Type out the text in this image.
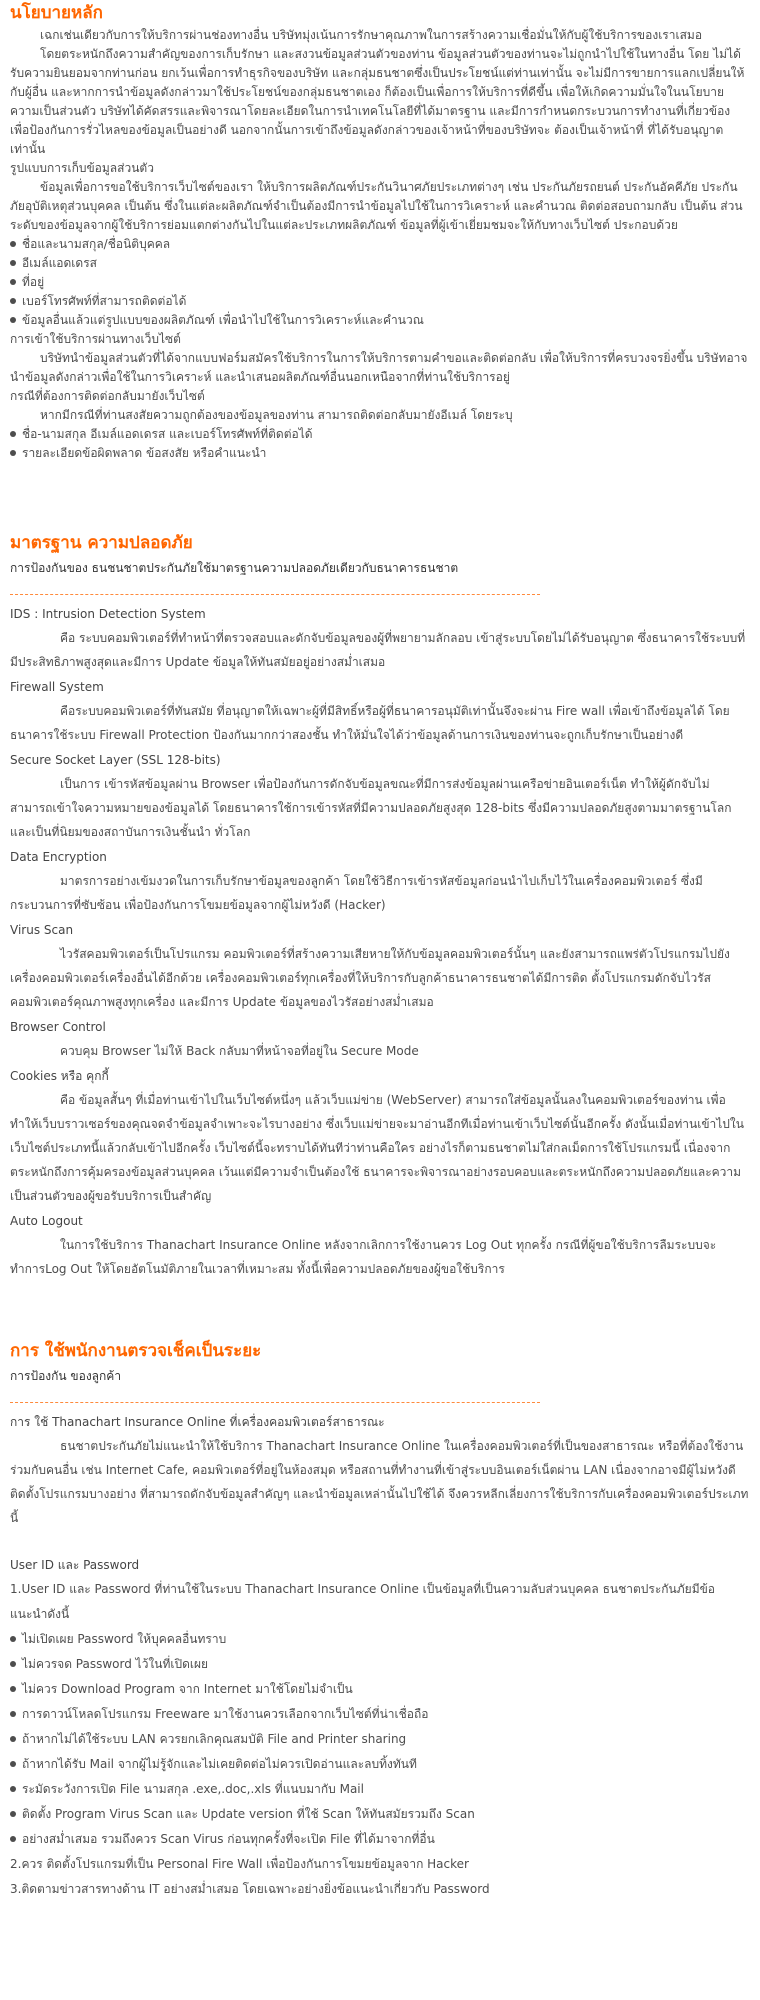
นโยบายหลัก

เฉกเช่นเดียวกับการให้บริการผ่านช่องทางอื่น บริษัทมุ่งเน้นการรักษาคุณภาพในการสร้างความเชื่อมั่นให้กับผู้ใช้บริการของเราเสมอ

โดยตระหนักถึงความสำคัญของการเก็บรักษา และสงวนข้อมูลส่วนตัวของท่าน ข้อมูลส่วนตัวของท่านจะไม่ถูกนำไปใช้ในทางอื่น โดย ไม่ได้รับความยินยอมจากท่านก่อน ยกเว้นเพื่อการทำธุรกิจของบริษัท และกลุ่มธนชาตซึ่งเป็นประโยชน์แต่ท่านเท่านั้น จะไม่มีการขายการแลกเปลี่ยนให้กับผู้อื่น และหากการนำข้อมูลดังกล่าวมาใช้ประโยชน์ของกลุ่มธนชาตเอง ก็ต้องเป็นเพื่อการให้บริการที่ดีขึ้น เพื่อให้เกิดความมั่นใจในนโยบายความเป็นส่วนตัว บริษัทได้คัดสรรและพิจารณาโดยละเอียดในการนำเทคโนโลยีที่ได้มาตรฐาน และมีการกำหนดกระบวนการทำงานที่เกี่ยวข้อง เพื่อป้องกันการรั่วไหลของข้อมูลเป็นอย่างดี นอกจากนั้นการเข้าถึงข้อมูลดังกล่าวของเจ้าหน้าที่ของบริษัทจะ ต้องเป็นเจ้าหน้าที่ ที่ได้รับอนุญาตเท่านั้น

รูปแบบการเก็บข้อมูลส่วนตัว

ข้อมูลเพื่อการขอใช้บริการเว็บไซต์ของเรา ให้บริการผลิตภัณฑ์ประกันวินาศภัยประเภทต่างๆ เช่น ประกันภัยรถยนต์ ประกันอัคคีภัย ประกันภัยอุบัติเหตุส่วนบุคคล เป็นต้น ซึ่งในแต่ละผลิตภัณฑ์จำเป็นต้องมีการนำข้อมูลไปใช้ในการวิเคราะห์ และคำนวณ ติดต่อสอบถามกลับ เป็นต้น ส่วนระดับของข้อมูลจากผู้ใช้บริการย่อมแตกต่างกันไปในแต่ละประเภทผลิตภัณฑ์ ข้อมูลที่ผู้เข้าเยี่ยมชมจะให้กับทางเว็บไซต์ ประกอบด้วย

ชื่อและนามสกุล/ชื่อนิติบุคคล
อีเมล์แอดเดรส
ที่อยู่
เบอร์โทรศัพท์ที่สามารถติดต่อได้
ข้อมูลอื่นแล้วแต่รูปแบบของผลิตภัณฑ์ เพื่อนำไปใช้ในการวิเคราะห์และคำนวณ

การเข้าใช้บริการผ่านทางเว็บไซต์

บริษัทนำข้อมูลส่วนตัวที่ได้จากแบบฟอร์มสมัครใช้บริการในการให้บริการตามคำขอและติดต่อกลับ เพื่อให้บริการที่ครบวงจรยิ่งขึ้น บริษัทอาจนำข้อมูลดังกล่าวเพื่อใช้ในการวิเคราะห์ และนำเสนอผลิตภัณฑ์อื่นนอกเหนือจากที่ท่านใช้บริการอยู่

กรณีที่ต้องการติดต่อกลับมายังเว็บไซต์

หากมีกรณีที่ท่านสงสัยความถูกต้องของข้อมูลของท่าน สามารถติดต่อกลับมายังอีเมล์ โดยระบุ

ชื่อ-นามสกุล อีเมล์แอดเดรส และเบอร์โทรศัพท์ที่ติดต่อได้
รายละเอียดข้อผิดพลาด ข้อสงสัย หรือคำแนะนำ
มาตรฐาน ความปลอดภัย

การป้องกันของ ธนชนชาตประกันภัยใช้มาตรฐานความปลอดภัยเดียวกับธนาคารธนชาต

IDS : Intrusion Detection System

คือ ระบบคอมพิวเตอร์ที่ทำหน้าที่ตรวจสอบและดักจับข้อมูลของผู้ที่พยายามลักลอบ เข้าสู่ระบบโดยไม่ได้รับอนุญาต ซึ่งธนาคารใช้ระบบที่มีประสิทธิภาพสูงสุดและมีการ Update ข้อมูลให้ทันสมัยอยู่อย่างสม่ำเสมอ

Firewall System

คือระบบคอมพิวเตอร์ที่ทันสมัย ที่อนุญาตให้เฉพาะผู้ที่มีสิทธิ์หรือผู้ที่ธนาคารอนุมัติเท่านั้นจึงจะผ่าน Fire wall เพื่อเข้าถึงข้อมูลได้ โดยธนาคารใช้ระบบ Firewall Protection ป้องกันมากกว่าสองชั้น ทำให้มั่นใจได้ว่าข้อมูลด้านการเงินของท่านจะถูกเก็บรักษาเป็นอย่างดี

Secure Socket Layer (SSL 128-bits)

เป็นการ เข้ารหัสข้อมูลผ่าน Browser เพื่อป้องกันการดักจับข้อมูลขณะที่มีการส่งข้อมูลผ่านเครือข่ายอินเตอร์เน็ต ทำให้ผู้ดักจับไม่สามารถเข้าใจความหมายของข้อมูลได้ โดยธนาคารใช้การเข้ารหัสที่มีความปลอดภัยสูงสุด 128-bits ซึ่งมีความปลอดภัยสูงตามมาตรฐานโลกและเป็นที่นิยมของสถาบันการเงินชั้นนำ ทั่วโลก

Data Encryption

มาตรการอย่างเข้มงวดในการเก็บรักษาข้อมูลของลูกค้า โดยใช้วิธีการเข้ารหัสข้อมูลก่อนนำไปเก็บไว้ในเครื่องคอมพิวเตอร์ ซึ่งมี กระบวนการที่ซับซ้อน เพื่อป้องกันการโขมยข้อมูลจากผู้ไม่หวังดี (Hacker)

Virus Scan

ไวรัสคอมพิวเตอร์เป็นโปรแกรม คอมพิวเตอร์ที่สร้างความเสียหายให้กับข้อมูลคอมพิวเตอร์นั้นๆ และยังสามารถแพร่ตัวโปรแกรมไปยังเครื่องคอมพิวเตอร์เครื่องอื่นได้อีกด้วย เครื่องคอมพิวเตอร์ทุกเครื่องที่ให้บริการกับลูกค้าธนาคารธนชาตได้มีการติด ตั้งโปรแกรมดักจับไวรัสคอมพิวเตอร์คุณภาพสูงทุกเครื่อง และมีการ Update ข้อมูลของไวรัสอย่างสม่ำเสมอ

Browser Control

ควบคุม Browser ไม่ให้ Back กลับมาที่หน้าจอที่อยู่ใน Secure Mode

Cookies หรือ คุกกี้

คือ ข้อมูลสั้นๆ ที่เมื่อท่านเข้าไปในเว็บไซต์หนึ่งๆ แล้วเว็บแม่ข่าย (WebServer) สามารถใส่ข้อมูลนั้นลงในคอมพิวเตอร์ของท่าน เพื่อทำให้เว็บบราวเซอร์ของคุณจดจำข้อมูลจำเพาะจะไรบางอย่าง ซึ่งเว็บแม่ข่ายจะมาอ่านอีกทีเมื่อท่านเข้าเว็บไซต์นั้นอีกครั้ง ดังนั้นเมื่อท่านเข้าไปในเว็บไซต์ประเภทนี้แล้วกลับเข้าไปอีกครั้ง เว็บไซต์นี้จะทราบได้ทันทีว่าท่านคือใคร อย่างไรก็ตามธนชาตไม่ใส่กลเม็ดการใช้โปรแกรมนี้ เนื่องจากตระหนักถึงการคุ้มครองข้อมูลส่วนบุคคล เว้นแต่มีความจำเป็นต้องใช้ ธนาคารจะพิจารณาอย่างรอบคอบและตระหนักถึงความปลอดภัยและความเป็นส่วนตัวของผู้ขอรับบริการเป็นสำคัญ

Auto Logout

ในการใช้บริการ Thanachart Insurance Online หลังจากเลิกการใช้งานควร Log Out ทุกครั้ง กรณีที่ผู้ขอใช้บริการลืมระบบจะทำการLog Out ให้โดยอัตโนมัติภายในเวลาที่เหมาะสม ทั้งนี้เพื่อความปลอดภัยของผู้ขอใช้บริการ

การ ใช้พนักงานตรวจเช็คเป็นระยะ

การป้องกัน ของลูกค้า

การ ใช้ Thanachart Insurance Online ที่เครื่องคอมพิวเตอร์สาธารณะ

ธนชาตประกันภัยไม่แนะนำให้ใช้บริการ Thanachart Insurance Online ในเครื่องคอมพิวเตอร์ที่เป็นของสาธารณะ หรือที่ต้องใช้งานร่วมกับคนอื่น เช่น Internet Cafe, คอมพิวเตอร์ที่อยู่ในห้องสมุด หรือสถานที่ทำงานที่เข้าสู่ระบบอินเตอร์เน็ตผ่าน LAN เนื่องจากอาจมีผู้ไม่หวังดีติดตั้งโปรแกรมบางอย่าง ที่สามารถดักจับข้อมูลสำคัญๆ และนำข้อมูลเหล่านั้นไปใช้ได้ จึงควรหลีกเลี่ยงการใช้บริการกับเครื่องคอมพิวเตอร์ประเภทนี้

User ID และ Password

1.User ID และ Password ที่ท่านใช้ในระบบ Thanachart Insurance Online เป็นข้อมูลที่เป็นความลับส่วนบุคคล ธนชาตประกันภัยมีข้อแนะนำดังนี้

ไม่เปิดเผย Password ให้บุคคลอื่นทราบ
ไม่ควรจด Password ไว้ในที่เปิดเผย
ไม่ควร Download Program จาก Internet มาใช้โดยไม่จำเป็น
การดาวน์โหลดโปรแกรม Freeware มาใช้งานควรเลือกจากเว็บไซต์ที่น่าเชื่อถือ
ถ้าหากไม่ได้ใช้ระบบ LAN ควรยกเลิกคุณสมบัติ File and Printer sharing
ถ้าหากได้รับ Mail จากผู้ไม่รู้จักและไม่เคยติดต่อไม่ควรเปิดอ่านและลบทิ้งทันที
ระมัดระวังการเปิด File นามสกุล .exe,.doc,.xls ที่แนบมากับ Mail
ติดตั้ง Program Virus Scan และ Update version ที่ใช้ Scan ให้ทันสมัยรวมถึง Scan
อย่างสม่ำเสมอ รวมถึงควร Scan Virus ก่อนทุกครั้งที่จะเปิด File ที่ได้มาจากที่อื่น

2.ควร ติดตั้งโปรแกรมที่เป็น Personal Fire Wall เพื่อป้องกันการโขมยข้อมูลจาก Hacker

3.ติดตามข่าวสารทางด้าน IT อย่างสม่ำเสมอ โดยเฉพาะอย่างยิ่งข้อแนะนำเกี่ยวกับ Password
